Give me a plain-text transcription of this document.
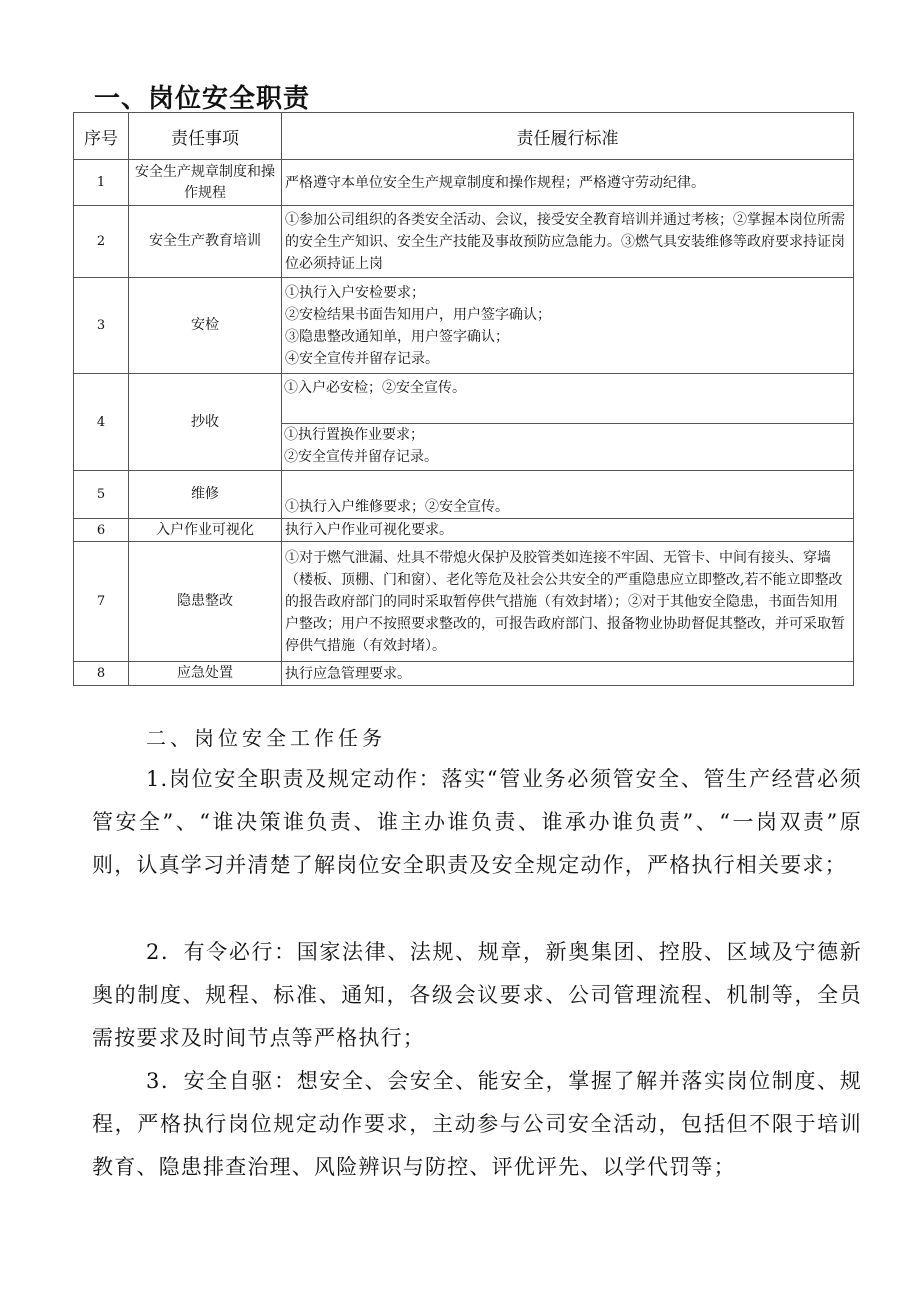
一、岗位安全职责
序号	责任事项	责任履行标准
1	安全生产规章制度和操作规程	严格遵守本单位安全生产规章制度和操作规程；严格遵守劳动纪律。

2	安全生产教育培训	①参加公司组织的各类安全活动、会议，接受安全教育培训并通过考核；②掌握本岗位所需的安全生产知识、安全生产技能及事故预防应急能力。③燃气具安装维修等政府要求持证岗位必须持证上岗

3	安检	①执行入户安检要求；
②安检结果书面告知用户，用户签字确认；
③隐患整改通知单，用户签字确认；
④安全宣传并留存记录。

4	抄收	①入户必安检；②安全宣传。
①执行置换作业要求；
②安全宣传并留存记录。

5	维修	①执行入户维修要求；②安全宣传。

6	入户作业可视化	执行入户作业可视化要求。

7	隐患整改	①对于燃气泄漏、灶具不带熄火保护及胶管类如连接不牢固、无管卡、中间有接头、穿墙（楼板、顶棚、门和窗）、老化等危及社会公共安全的严重隐患应立即整改,若不能立即整改的报告政府部门的同时采取暂停供气措施（有效封堵）；②对于其他安全隐患，书面告知用户整改；用户不按照要求整改的，可报告政府部门、报备物业协助督促其整改，并可采取暂停供气措施（有效封堵）。

8	应急处置	执行应急管理要求。
二、岗位安全工作任务

1.岗位安全职责及规定动作：落实“管业务必须管安全、管生产经营必须管安全”、“谁决策谁负责、谁主办谁负责、谁承办谁负责”、“一岗双责”原则，认真学习并清楚了解岗位安全职责及安全规定动作，严格执行相关要求；

2．有令必行：国家法律、法规、规章，新奥集团、控股、区域及宁德新奥的制度、规程、标准、通知，各级会议要求、公司管理流程、机制等，全员需按要求及时间节点等严格执行；

3．安全自驱：想安全、会安全、能安全，掌握了解并落实岗位制度、规程，严格执行岗位规定动作要求，主动参与公司安全活动，包括但不限于培训教育、隐患排查治理、风险辨识与防控、评优评先、以学代罚等；
